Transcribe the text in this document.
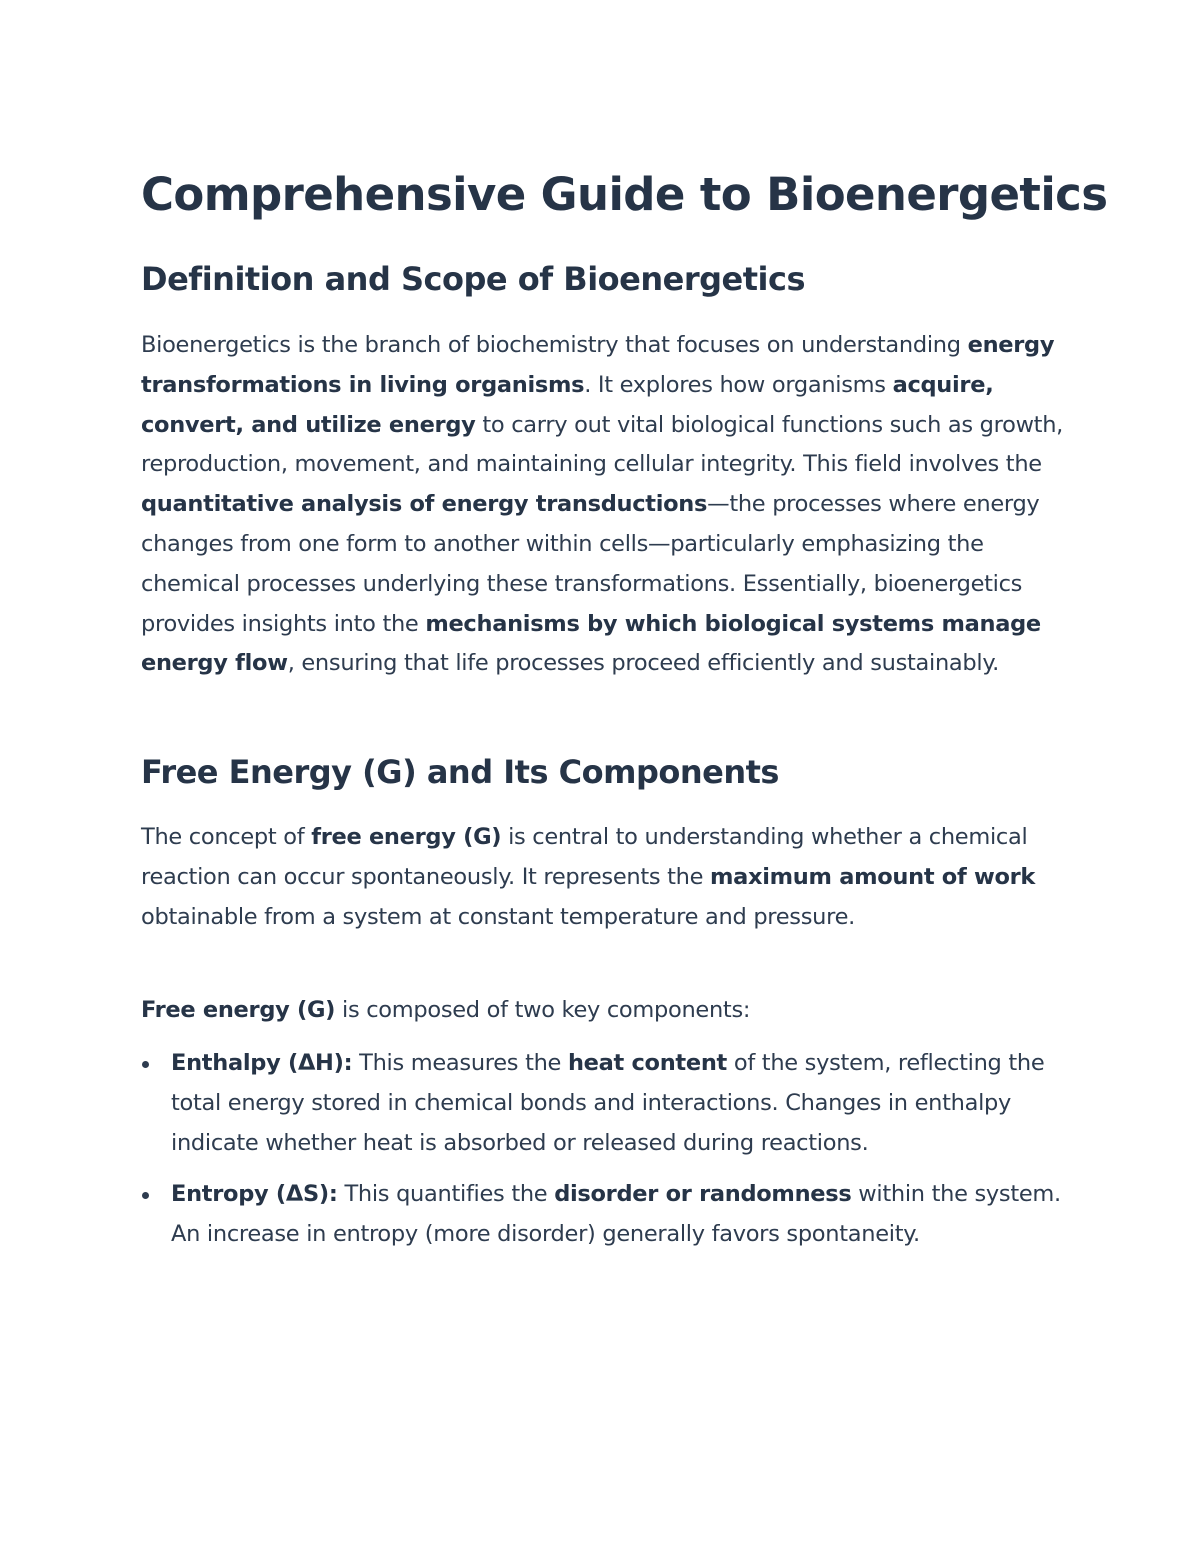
Comprehensive Guide to Bioenergetics
Definition and Scope of Bioenergetics

Bioenergetics is the branch of biochemistry that focuses on understanding energy transformations in living organisms. It explores how organisms acquire, convert, and utilize energy to carry out vital biological functions such as growth, reproduction, movement, and maintaining cellular integrity. This field involves the quantitative analysis of energy transductions—the processes where energy changes from one form to another within cells—particularly emphasizing the chemical processes underlying these transformations. Essentially, bioenergetics provides insights into the mechanisms by which biological systems manage energy flow, ensuring that life processes proceed efficiently and sustainably.

Free Energy (G) and Its Components

The concept of free energy (G) is central to understanding whether a chemical reaction can occur spontaneously. It represents the maximum amount of work obtainable from a system at constant temperature and pressure.

Free energy (G) is composed of two key components:

Enthalpy (ΔH): This measures the heat content of the system, reflecting the total energy stored in chemical bonds and interactions. Changes in enthalpy indicate whether heat is absorbed or released during reactions.
Entropy (ΔS): This quantifies the disorder or randomness within the system. An increase in entropy (more disorder) generally favors spontaneity.
